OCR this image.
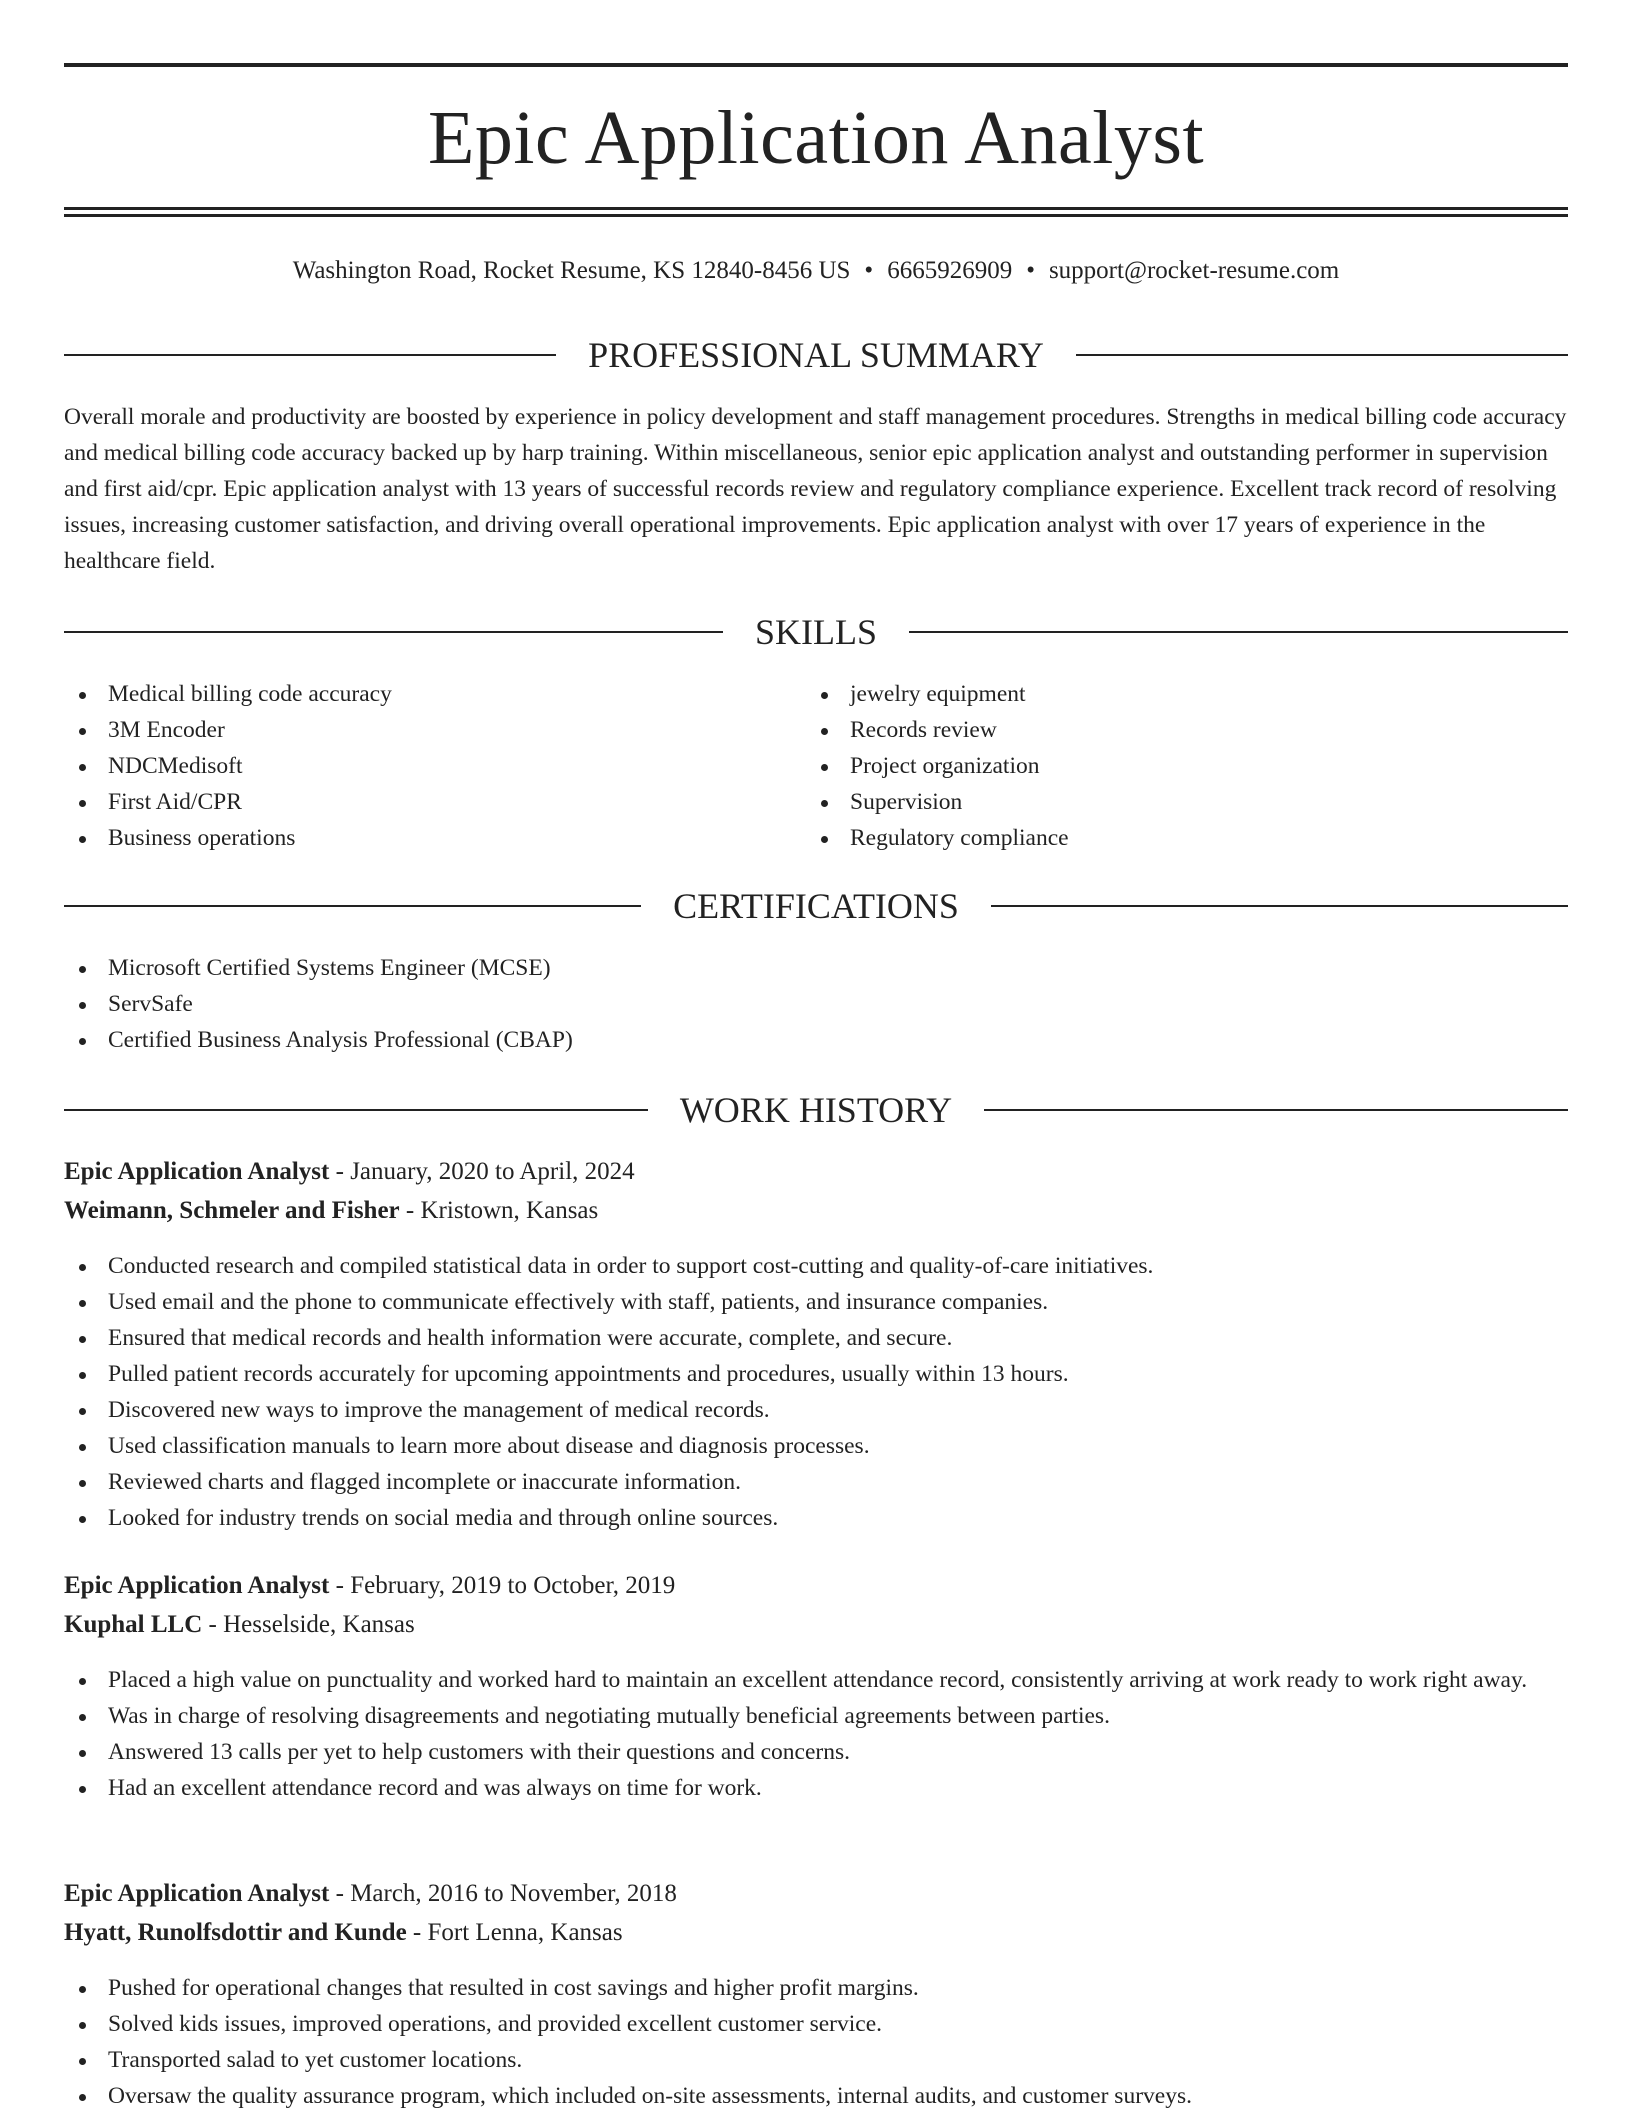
Epic Application Analyst
Washington Road, Rocket Resume, KS 12840-8456 US • 6665926909 • support@rocket-resume.com
PROFESSIONAL SUMMARY

Overall morale and productivity are boosted by experience in policy development and staff management procedures. Strengths in medical billing code accuracy and medical billing code accuracy backed up by harp training. Within miscellaneous, senior epic application analyst and outstanding performer in supervision and first aid/cpr. Epic application analyst with 13 years of successful records review and regulatory compliance experience. Excellent track record of resolving issues, increasing customer satisfaction, and driving overall operational improvements. Epic application analyst with over 17 years of experience in the healthcare field.

SKILLS
Medical billing code accuracy
3M Encoder
NDCMedisoft
First Aid/CPR
Business operations
jewelry equipment
Records review
Project organization
Supervision
Regulatory compliance
CERTIFICATIONS
Microsoft Certified Systems Engineer (MCSE)
ServSafe
Certified Business Analysis Professional (CBAP)
WORK HISTORY
Epic Application Analyst - January, 2020 to April, 2024
Weimann, Schmeler and Fisher - Kristown, Kansas
Conducted research and compiled statistical data in order to support cost-cutting and quality-of-care initiatives.
Used email and the phone to communicate effectively with staff, patients, and insurance companies.
Ensured that medical records and health information were accurate, complete, and secure.
Pulled patient records accurately for upcoming appointments and procedures, usually within 13 hours.
Discovered new ways to improve the management of medical records.
Used classification manuals to learn more about disease and diagnosis processes.
Reviewed charts and flagged incomplete or inaccurate information.
Looked for industry trends on social media and through online sources.
Epic Application Analyst - February, 2019 to October, 2019
Kuphal LLC - Hesselside, Kansas
Placed a high value on punctuality and worked hard to maintain an excellent attendance record, consistently arriving at work ready to work right away.
Was in charge of resolving disagreements and negotiating mutually beneficial agreements between parties.
Answered 13 calls per yet to help customers with their questions and concerns.
Had an excellent attendance record and was always on time for work.
Epic Application Analyst - March, 2016 to November, 2018
Hyatt, Runolfsdottir and Kunde - Fort Lenna, Kansas
Pushed for operational changes that resulted in cost savings and higher profit margins.
Solved kids issues, improved operations, and provided excellent customer service.
Transported salad to yet customer locations.
Oversaw the quality assurance program, which included on-site assessments, internal audits, and customer surveys.
